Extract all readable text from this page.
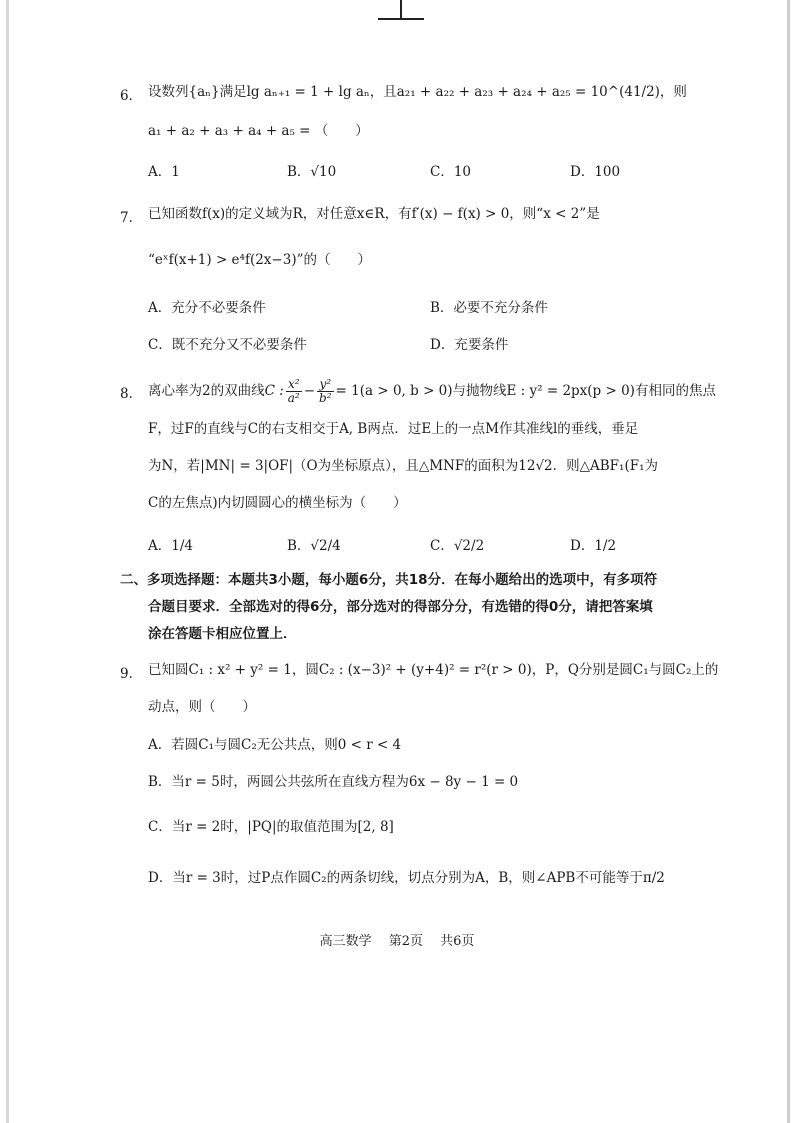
6． 设数列{aₙ}满足lg aₙ₊₁ = 1 + lg aₙ，且a₂₁ + a₂₂ + a₂₃ + a₂₄ + a₂₅ = 10^(41/2)，则
a₁ + a₂ + a₃ + a₄ + a₅ = （　　）
A．1	B．√10	C．10	D．100
7． 已知函数f(x)的定义域为R，对任意x∈R，有f′(x) − f(x) > 0，则“x < 2”是
“eˣf(x+1) > e⁴f(2x−3)”的（　　）
A．充分不必要条件	B．必要不充分条件
C．既不充分又不必要条件	D．充要条件
8． 离心率为2的双曲线C : $\frac{\text{x²}}{\text{a²}} - \frac{\text{y²}}{\text{b²}} = 1(a > 0$, b > 0)与抛物线E : y² = 2px(p > 0)有相同的焦点
F，过F的直线与C的右支相交于A, B两点．过E上的一点M作其准线l的垂线，垂足
为N，若|MN| = 3|OF|（O为坐标原点），且△MNF的面积为12√2．则△ABF₁(F₁为
C的左焦点)内切圆圆心的横坐标为（　　）
A．1/4	B．√2/4	C．√2/2	D．1/2
二、多项选择题：本题共3小题，每小题6分，共18分．在每小题给出的选项中，有多项符
合题目要求．全部选对的得6分，部分选对的得部分分，有选错的得0分，请把答案填
涂在答题卡相应位置上．
9． 已知圆C₁ : x² + y² = 1，圆C₂ : (x−3)² + (y+4)² = r²(r > 0)，P，Q分别是圆C₁与圆C₂上的
动点，则（　　）
A．若圆C₁与圆C₂无公共点，则0 < r < 4
B．当r = 5时，两圆公共弦所在直线方程为6x − 8y − 1 = 0
C．当r = 2时，|PQ|的取值范围为[2, 8]
D．当r = 3时，过P点作圆C₂的两条切线，切点分别为A，B，则∠APB不可能等于π/2
高三数学　 第2页　 共6页
